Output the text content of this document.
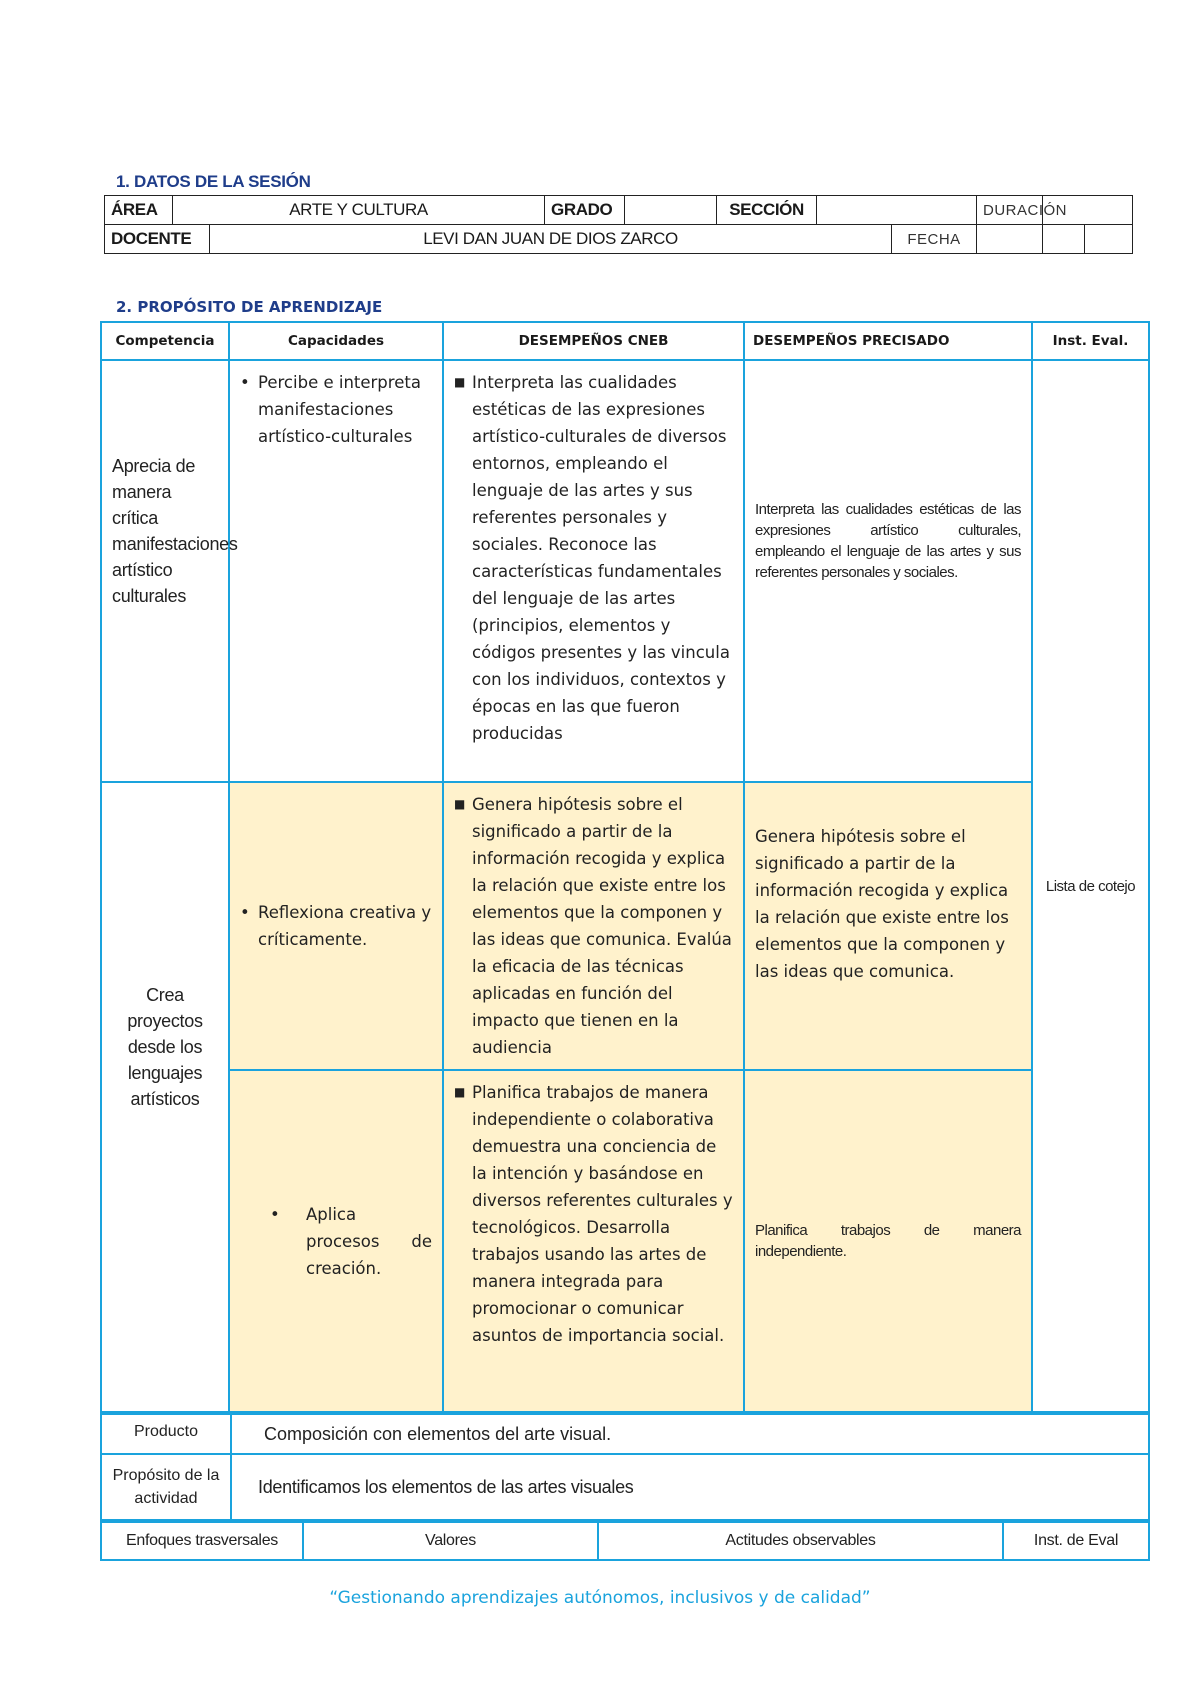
1. DATOS DE LA SESIÓN
ÁREA	ARTE Y CULTURA		GRADO		SECCIÓN			DURACIÓN		
DOCENTE		LEVI DAN JUAN DE DIOS ZARCO					FECHA			
2. PROPÓSITO DE APRENDIZAJE
Competencia	Capacidades	DESEMPEÑOS CNEB	DESEMPEÑOS PRECISADO	Inst. Eval.
Aprecia de manera crítica manifestaciones artístico culturales	• Percibe e interpreta manifestaciones artístico-culturales	■ Interpreta las cualidades estéticas de las expresiones artístico-culturales de diversos entornos, empleando el lenguaje de las artes y sus referentes personales y sociales. Reconoce las características fundamentales del lenguaje de las artes (principios, elementos y códigos presentes y las vincula con los individuos, contextos y épocas en las que fueron producidas	Interpreta las cualidades estéticas de las expresiones artístico culturales, empleando el lenguaje de las artes y sus referentes personales y sociales.	Lista de cotejo
Crea proyectos desde los lenguajes artísticos	• Reflexiona creativa y críticamente.	■ Genera hipótesis sobre el significado a partir de la información recogida y explica la relación que existe entre los elementos que la componen y las ideas que comunica. Evalúa la eficacia de las técnicas aplicadas en función del impacto que tienen en la audiencia	Genera hipótesis sobre el significado a partir de la información recogida y explica la relación que existe entre los elementos que la componen y las ideas que comunica.	

	• Aplica procesos de creación.	■ Planifica trabajos de manera independiente o colaborativa demuestra una conciencia de la intención y basándose en diversos referentes culturales y tecnológicos. Desarrolla trabajos usando las artes de manera integrada para promocionar o comunicar asuntos de importancia social.	Planifica trabajos de manera independiente.	
Producto	Composición con elementos del arte visual.
Propósito de la actividad	Identificamos los elementos de las artes visuales
Enfoques trasversales	Valores	Actitudes observables	Inst. de Eval
“Gestionando aprendizajes autónomos, inclusivos y de calidad”
